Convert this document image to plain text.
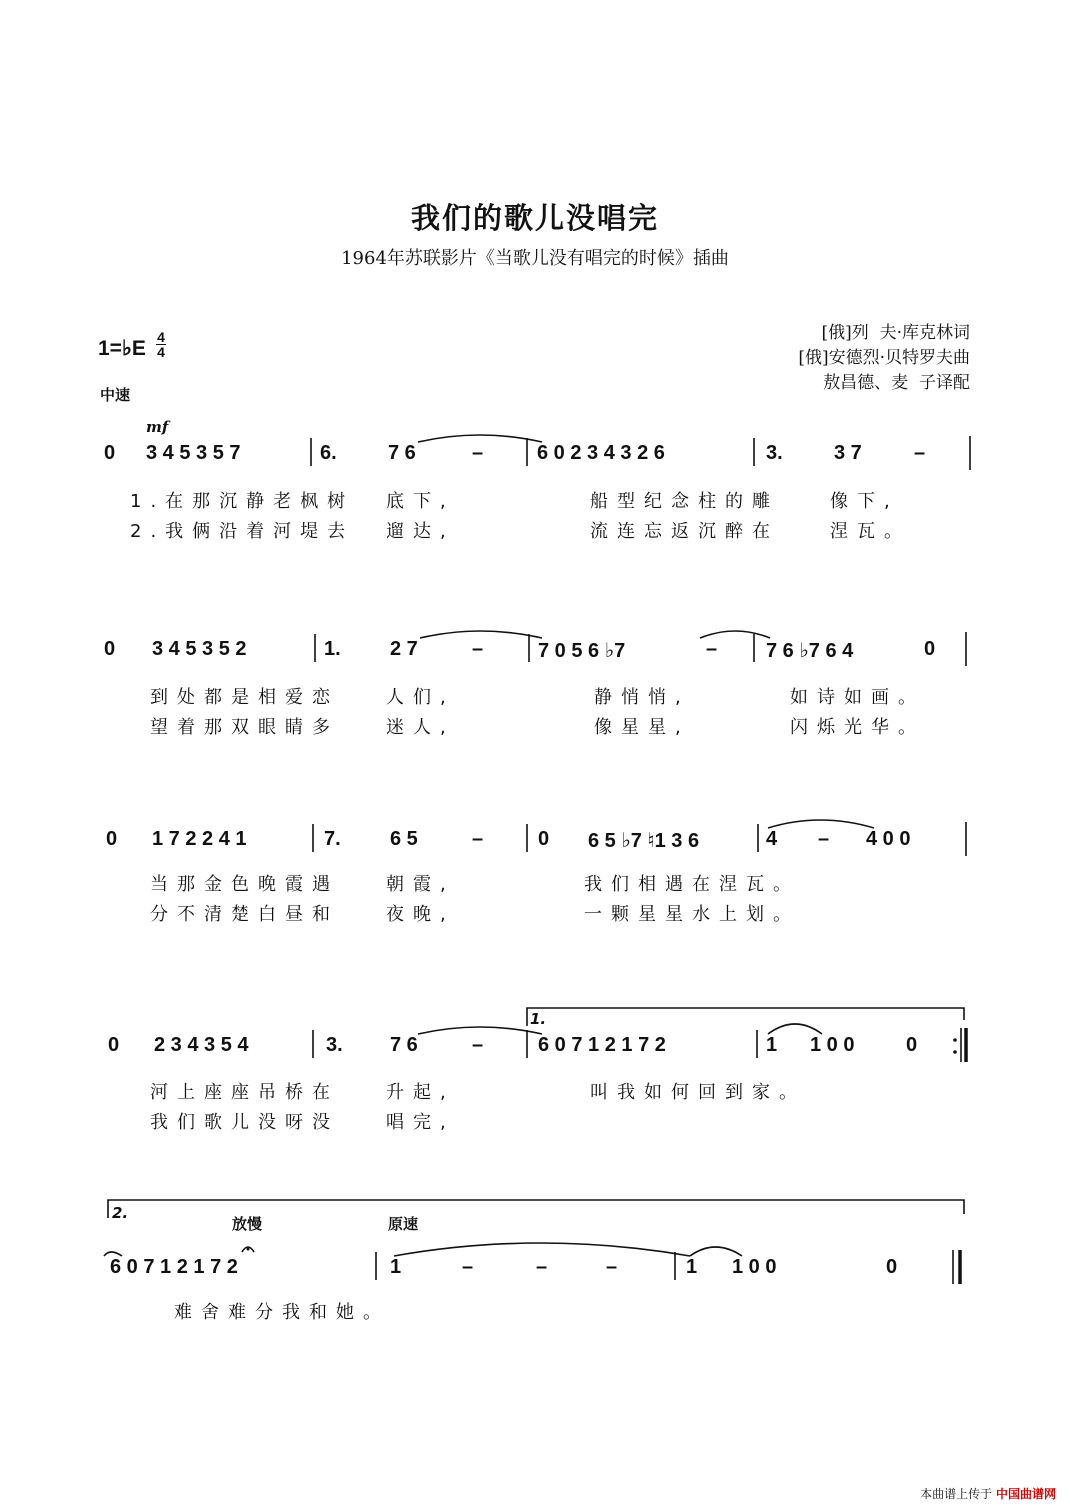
我们的歌儿没唱完
1964年苏联影片《当歌儿没有唱完的时候》插曲
[俄]列  夫·库克林词
[俄]安德烈·贝特罗夫曲
敖昌德、麦  子译配
1=♭E 4
4
中速
mf
0 3 4 5 3 5 7	6.	7 6	–	6 0 2 3 4 3 2 6	3.	3 7	–
1.在那沉静老枫树 底下,	船型纪念柱的雕	像下,
2.我俩沿着河堤去 遛达,	流连忘返沉醉在	涅瓦。
0 3 4 5 3 5 2	1. 2 7	–	7 0 5 6 ♭7	– 7 6 ♭7 6 4	0
到处都是相爱恋	人们,	静悄悄,	如诗如画。
望着那双眼睛多	迷人,	像星星,	闪烁光华。
0 1 7 2 2 4 1	7. 6 5	–	0 6 5 ♭7 ♮1 3 6	4 – 4 0 0
当那金色晚霞遇	朝霞,	我们相遇在涅瓦。
分不清楚白昼和	夜晚,	一颗星星水上划。
1.
0 2 3 4 3 5 4	3. 7 6	–	6 0 7 1 2 1 7 2	1 1 0 0	0
河上座座吊桥在	升起,	叫我如何回到家。
我们歌儿没呀没	唱完,
2.
放慢	原速
6 0 7 1 2 1 7 2	1	–	–	–	1 1 0 0	0
难舍难分我和她。
本曲谱上传于 中国曲谱网
